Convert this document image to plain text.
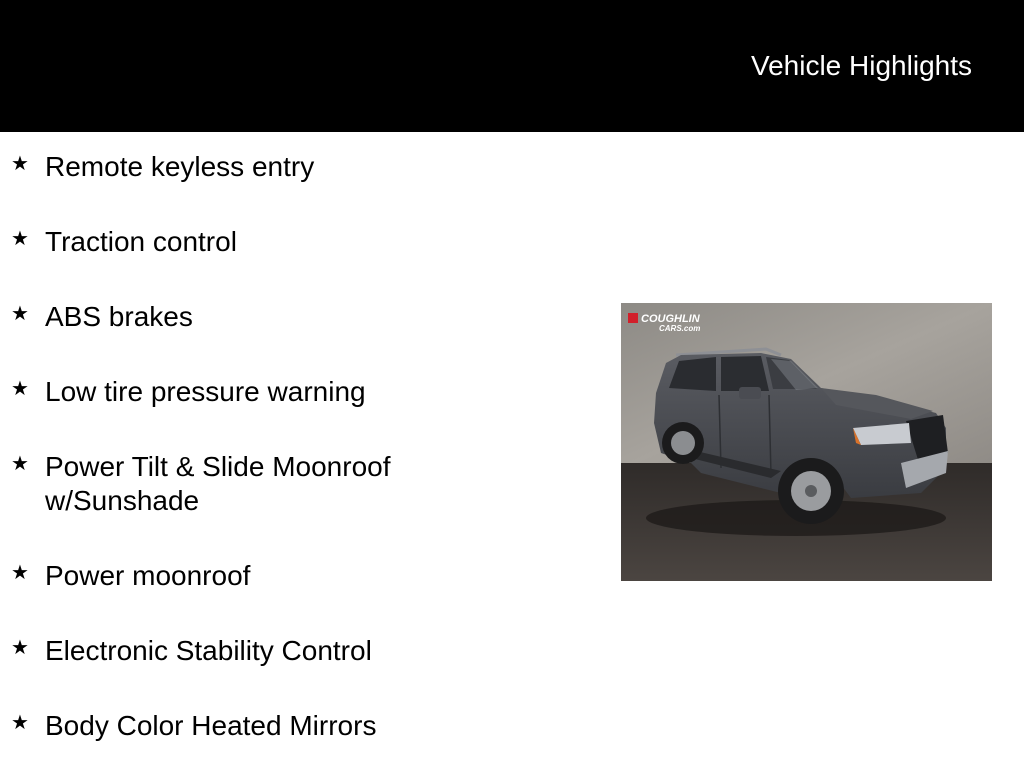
Vehicle Highlights
★ Remote keyless entry
★ Traction control
★ ABS brakes
★ Low tire pressure warning
★ Power Tilt & Slide Moonroof w/Sunshade
★ Power moonroof
★ Electronic Stability Control
★ Body Color Heated Mirrors
COUGHLIN
CARS.com
